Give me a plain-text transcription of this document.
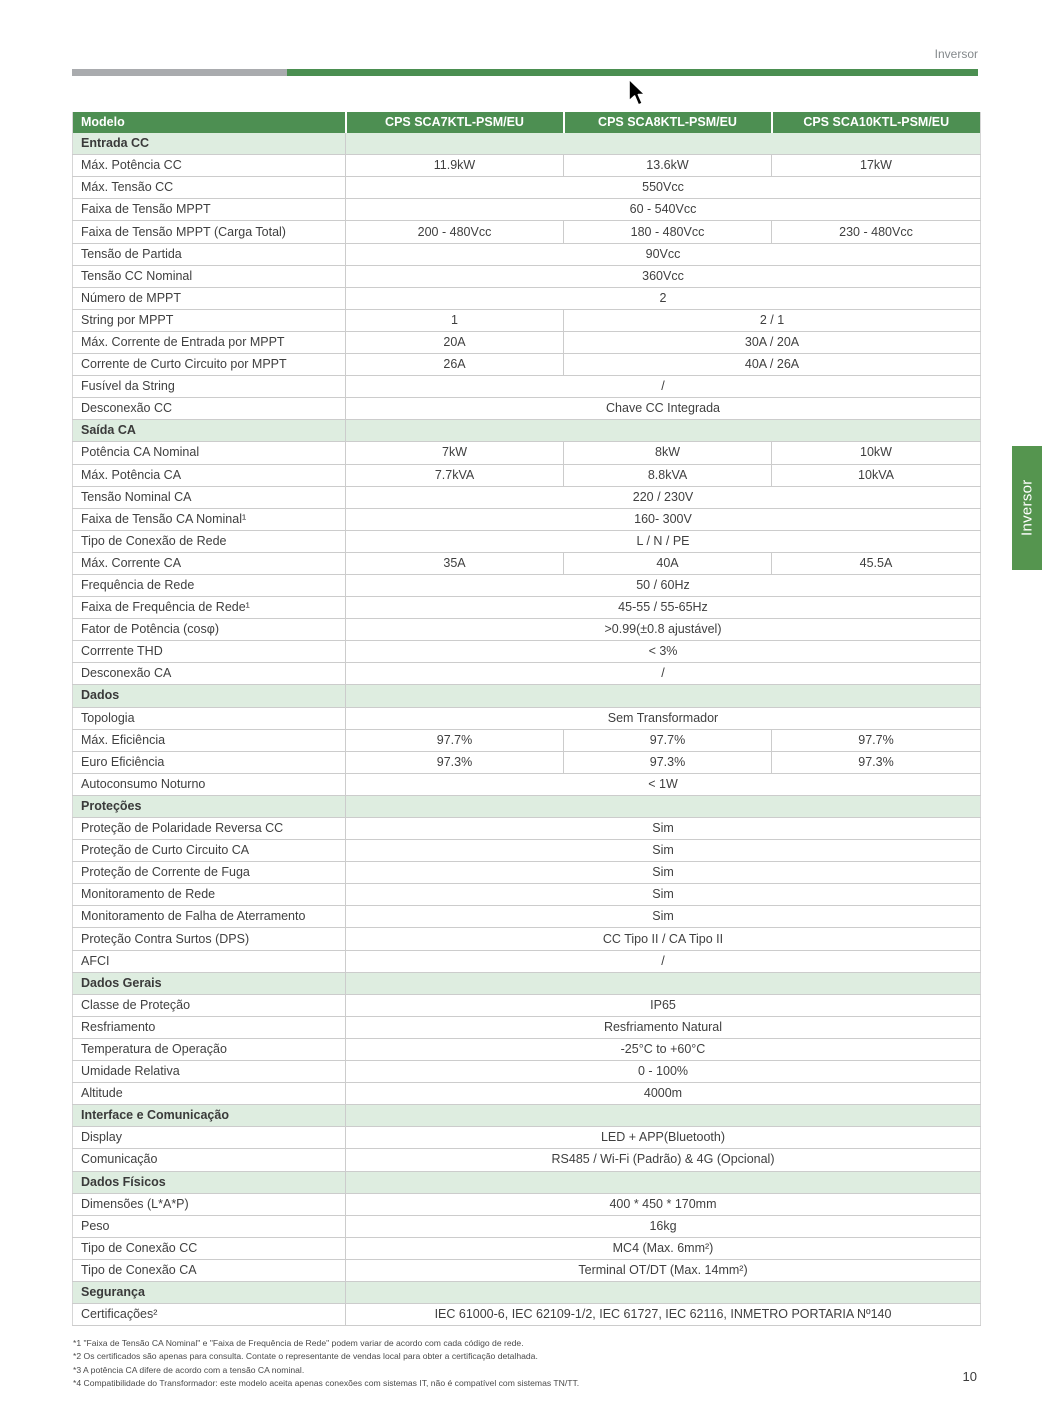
Inversor
Modelo	CPS SCA7KTL-PSM/EU	CPS SCA8KTL-PSM/EU	CPS SCA10KTL-PSM/EU
Entrada CC			
Máx. Potência CC	11.9kW	13.6kW	17kW
Máx. Tensão CC	550Vcc		
Faixa de Tensão MPPT	60 - 540Vcc		
Faixa de Tensão MPPT (Carga Total)	200 - 480Vcc	180 - 480Vcc	230 - 480Vcc
Tensão de Partida	90Vcc		
Tensão CC Nominal	360Vcc		
Número de MPPT	2		
String por MPPT	1	2 / 1	
Máx. Corrente de Entrada por MPPT	20A	30A / 20A	
Corrente de Curto Circuito por MPPT	26A	40A / 26A	
Fusível da String	/		
Desconexão CC	Chave CC Integrada		
Saída CA			
Potência CA Nominal	7kW	8kW	10kW
Máx. Potência CA	7.7kVA	8.8kVA	10kVA
Tensão Nominal CA	220 / 230V		
Faixa de Tensão CA Nominal¹	160- 300V		
Tipo de Conexão de Rede	L / N / PE		
Máx. Corrente CA	35A	40A	45.5A
Frequência de Rede	50 / 60Hz		
Faixa de Frequência de Rede¹	45-55 / 55-65Hz		
Fator de Potência (cosφ)	>0.99(±0.8 ajustável)		
Corrrente THD	< 3%		
Desconexão CA	/		
Dados			
Topologia	Sem Transformador		
Máx. Eficiência	97.7%	97.7%	97.7%
Euro Eficiência	97.3%	97.3%	97.3%
Autoconsumo Noturno	< 1W		
Proteções			
Proteção de Polaridade Reversa CC	Sim		
Proteção de Curto Circuito CA	Sim		
Proteção de Corrente de Fuga	Sim		
Monitoramento de Rede	Sim		
Monitoramento de Falha de Aterramento	Sim		
Proteção Contra Surtos (DPS)	CC Tipo II / CA Tipo II		
AFCI	/		
Dados Gerais			
Classe de Proteção	IP65		
Resfriamento	Resfriamento Natural		
Temperatura de Operação	-25°C to +60°C		
Umidade Relativa	0 - 100%		
Altitude	4000m		
Interface e Comunicação			
Display	LED + APP(Bluetooth)		
Comunicação	RS485 / Wi-Fi (Padrão) & 4G (Opcional)		
Dados Físicos			
Dimensões (L*A*P)	400 * 450 * 170mm		
Peso	16kg		
Tipo de Conexão CC	MC4 (Max. 6mm²)		
Tipo de Conexão CA	Terminal OT/DT (Max. 14mm²)		
Segurança			
Certificações²	IEC 61000-6, IEC 62109-1/2, IEC 61727, IEC 62116, INMETRO PORTARIA Nº140		
*1 "Faixa de Tensão CA Nominal" e "Faixa de Frequência de Rede" podem variar de acordo com cada código de rede.
*2 Os certificados são apenas para consulta. Contate o representante de vendas local para obter a certificação detalhada.
*3 A potência CA difere de acordo com a tensão CA nominal.
*4 Compatibilidade do Transformador: este modelo aceita apenas conexões com sistemas IT, não é compatível com sistemas TN/TT.	10
Inversor
